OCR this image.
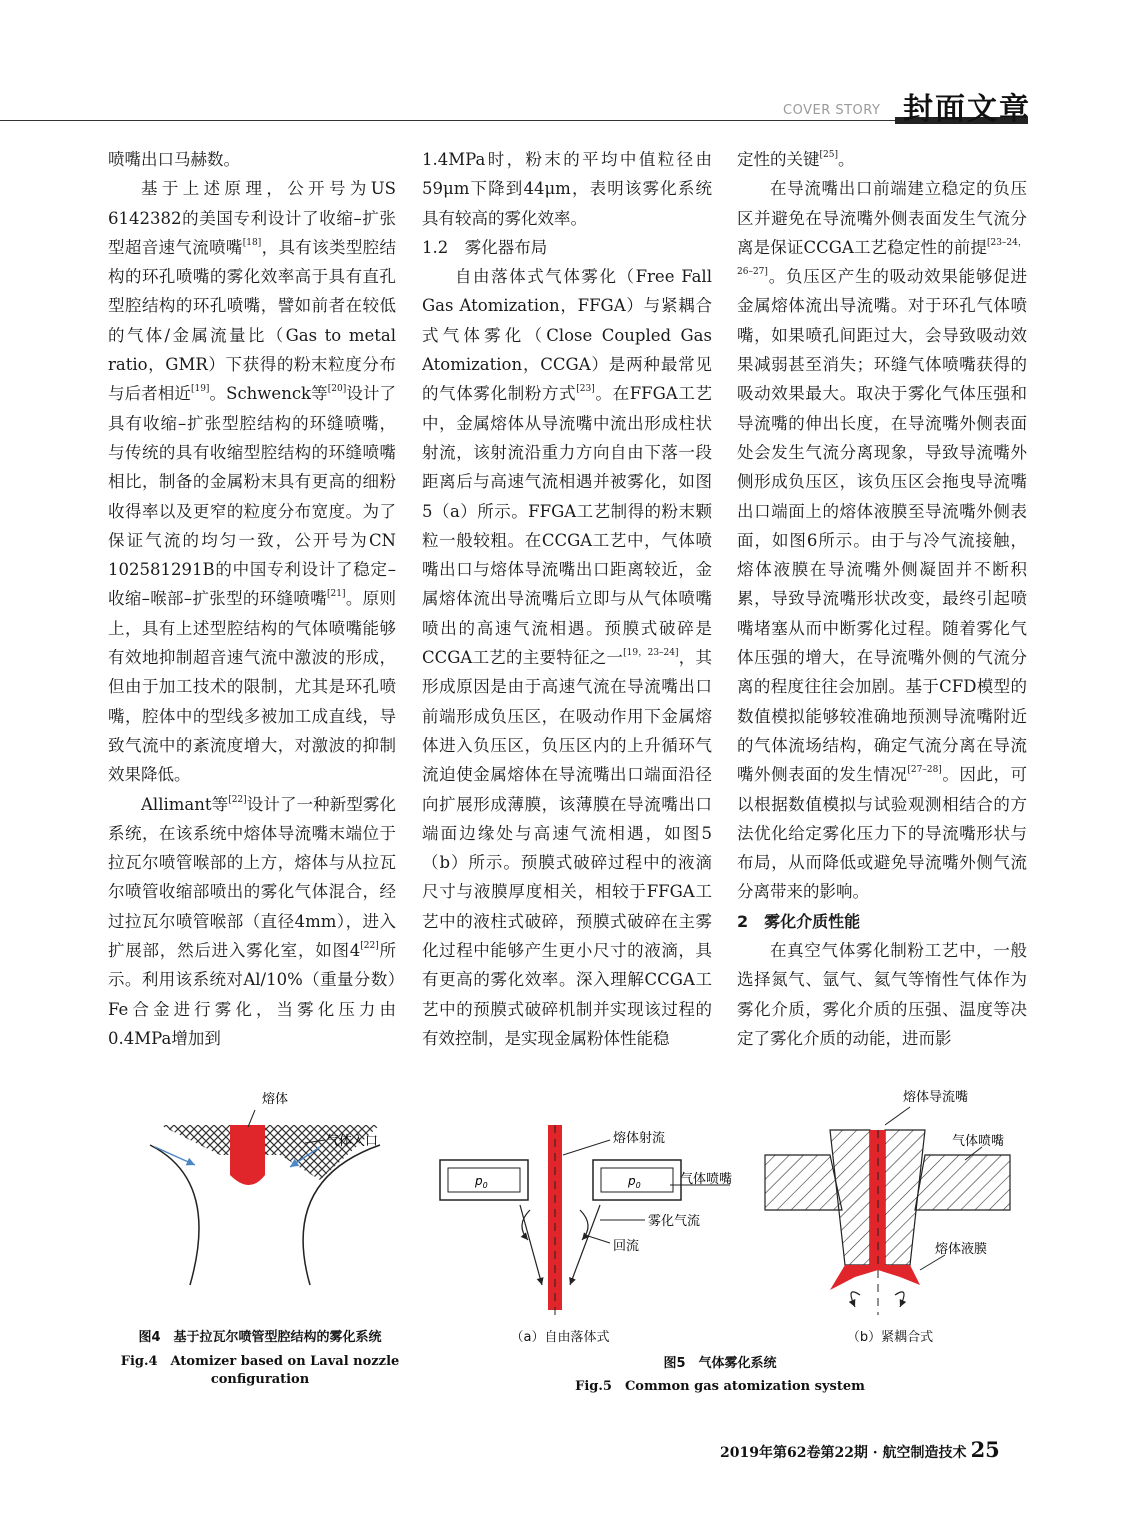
COVER STORY 封面文章

喷嘴出口马赫数。

基于上述原理，公开号为US 6142382的美国专利设计了收缩–扩张型超音速气流喷嘴[18]，具有该类型腔结构的环孔喷嘴的雾化效率高于具有直孔型腔结构的环孔喷嘴，譬如前者在较低的气体/金属流量比（Gas to metal ratio，GMR）下获得的粉末粒度分布与后者相近[19]。Schwenck等[20]设计了具有收缩–扩张型腔结构的环缝喷嘴，与传统的具有收缩型腔结构的环缝喷嘴相比，制备的金属粉末具有更高的细粉收得率以及更窄的粒度分布宽度。为了保证气流的均匀一致，公开号为CN 102581291B的中国专利设计了稳定–收缩–喉部–扩张型的环缝喷嘴[21]。原则上，具有上述型腔结构的气体喷嘴能够有效地抑制超音速气流中激波的形成，但由于加工技术的限制，尤其是环孔喷嘴，腔体中的型线多被加工成直线，导致气流中的紊流度增大，对激波的抑制效果降低。

Allimant等[22]设计了一种新型雾化系统，在该系统中熔体导流嘴末端位于拉瓦尔喷管喉部的上方，熔体与从拉瓦尔喷管收缩部喷出的雾化气体混合，经过拉瓦尔喷管喉部（直径4mm），进入扩展部，然后进入雾化室，如图4[22]所示。利用该系统对Al/10%（重量分数）Fe合金进行雾化，当雾化压力由0.4MPa增加到

1.4MPa时，粉末的平均中值粒径由59μm下降到44μm，表明该雾化系统具有较高的雾化效率。

1.2　雾化器布局

自由落体式气体雾化（Free Fall Gas Atomization，FFGA）与紧耦合式气体雾化（Close Coupled Gas Atomization，CCGA）是两种最常见的气体雾化制粉方式[23]。在FFGA工艺中，金属熔体从导流嘴中流出形成柱状射流，该射流沿重力方向自由下落一段距离后与高速气流相遇并被雾化，如图5（a）所示。FFGA工艺制得的粉末颗粒一般较粗。在CCGA工艺中，气体喷嘴出口与熔体导流嘴出口距离较近，金属熔体流出导流嘴后立即与从气体喷嘴喷出的高速气流相遇。预膜式破碎是CCGA工艺的主要特征之一[19，23–24]，其形成原因是由于高速气流在导流嘴出口前端形成负压区，在吸动作用下金属熔体进入负压区，负压区内的上升循环气流迫使金属熔体在导流嘴出口端面沿径向扩展形成薄膜，该薄膜在导流嘴出口端面边缘处与高速气流相遇，如图5（b）所示。预膜式破碎过程中的液滴尺寸与液膜厚度相关，相较于FFGA工艺中的液柱式破碎，预膜式破碎在主雾化过程中能够产生更小尺寸的液滴，具有更高的雾化效率。深入理解CCGA工艺中的预膜式破碎机制并实现该过程的有效控制，是实现金属粉体性能稳

定性的关键[25]。

在导流嘴出口前端建立稳定的负压区并避免在导流嘴外侧表面发生气流分离是保证CCGA工艺稳定性的前提[23–24，26–27]。负压区产生的吸动效果能够促进金属熔体流出导流嘴。对于环孔气体喷嘴，如果喷孔间距过大，会导致吸动效果减弱甚至消失；环缝气体喷嘴获得的吸动效果最大。取决于雾化气体压强和导流嘴的伸出长度，在导流嘴外侧表面处会发生气流分离现象，导致导流嘴外侧形成负压区，该负压区会拖曳导流嘴出口端面上的熔体液膜至导流嘴外侧表面，如图6所示。由于与冷气流接触，熔体液膜在导流嘴外侧凝固并不断积累，导致导流嘴形状改变，最终引起喷嘴堵塞从而中断雾化过程。随着雾化气体压强的增大，在导流嘴外侧的气流分离的程度往往会加剧。基于CFD模型的数值模拟能够较准确地预测导流嘴附近的气体流场结构，确定气流分离在导流嘴外侧表面的发生情况[27–28]。因此，可以根据数值模拟与试验观测相结合的方法优化给定雾化压力下的导流嘴形状与布局，从而降低或避免导流嘴外侧气流分离带来的影响。

2　雾化介质性能

在真空气体雾化制粉工艺中，一般选择氮气、氩气、氦气等惰性气体作为雾化介质，雾化介质的压强、温度等决定了雾化介质的动能，进而影

熔体
气体入口
图4　基于拉瓦尔喷管型腔结构的雾化系统
Fig.4　Atomizer based on Laval nozzle
configuration
$p_0$	$p_0$
熔体射流
气体喷嘴
雾化气流
回流
（a）自由落体式
熔体导流嘴
气体喷嘴
熔体液膜
（b）紧耦合式
图5　气体雾化系统
Fig.5　Common gas atomization system
2019年第62卷第22期 · 航空制造技术 25
